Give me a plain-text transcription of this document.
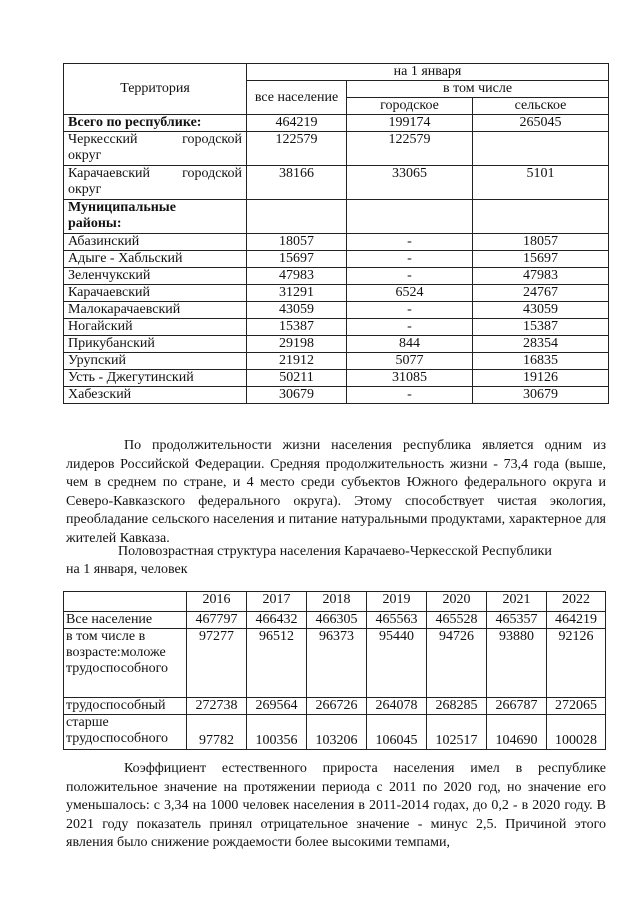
Территория	на 1 января		
	все население	в том числе	
		городское	сельское
Всего по республике:	464219	199174	265045

Черкесский городской
округ	122579	122579	

Карачаевский городской
округ	38166	33065	5101

Муниципальные
районы:			

Абазинский	18057	-	18057
Адыге - Хабльский	15697	-	15697
Зеленчукский	47983	-	47983
Карачаевский	31291	6524	24767
Малокарачаевский	43059	-	43059
Ногайский	15387	-	15387
Прикубанский	29198	844	28354
Урупский	21912	5077	16835
Усть - Джегутинский	50211	31085	19126
Хабезский	30679	-	30679
По продолжительности жизни населения республика является одним из
лидеров Российской Федерации. Средняя продолжительность жизни - 73,4 года (выше, чем в среднем по стране, и 4 место среди субъектов Южного федерального округа и Северо-Кавказского федерального округа). Этому способствует чистая экология, преобладание сельского населения и питание натуральными продуктами, характерное для жителей Кавказа.
Половозрастная структура населения Карачаево-Черкесской Республики
на 1 января, человек
	2016	2017	2018	2019	2020	2021	2022
Все население	467797	466432	466305	465563	465528	465357	464219
в том числе в возрасте:моложе трудоспособного	97277	96512	96373	95440	94726	93880	92126
трудоспособный	272738	269564	266726	264078	268285	266787	272065
старше трудоспособного	97782	100356	103206	106045	102517	104690	100028
Коэффициент естественного прироста населения имел в республике
положительное значение на протяжении периода с 2011 по 2020 год, но значение его уменьшалось: с 3,34 на 1000 человек населения в 2011-2014 годах, до 0,2 - в 2020 году. В 2021 году показатель принял отрицательное значение - минус 2,5. Причиной этого явления было снижение рождаемости более высокими темпами,
